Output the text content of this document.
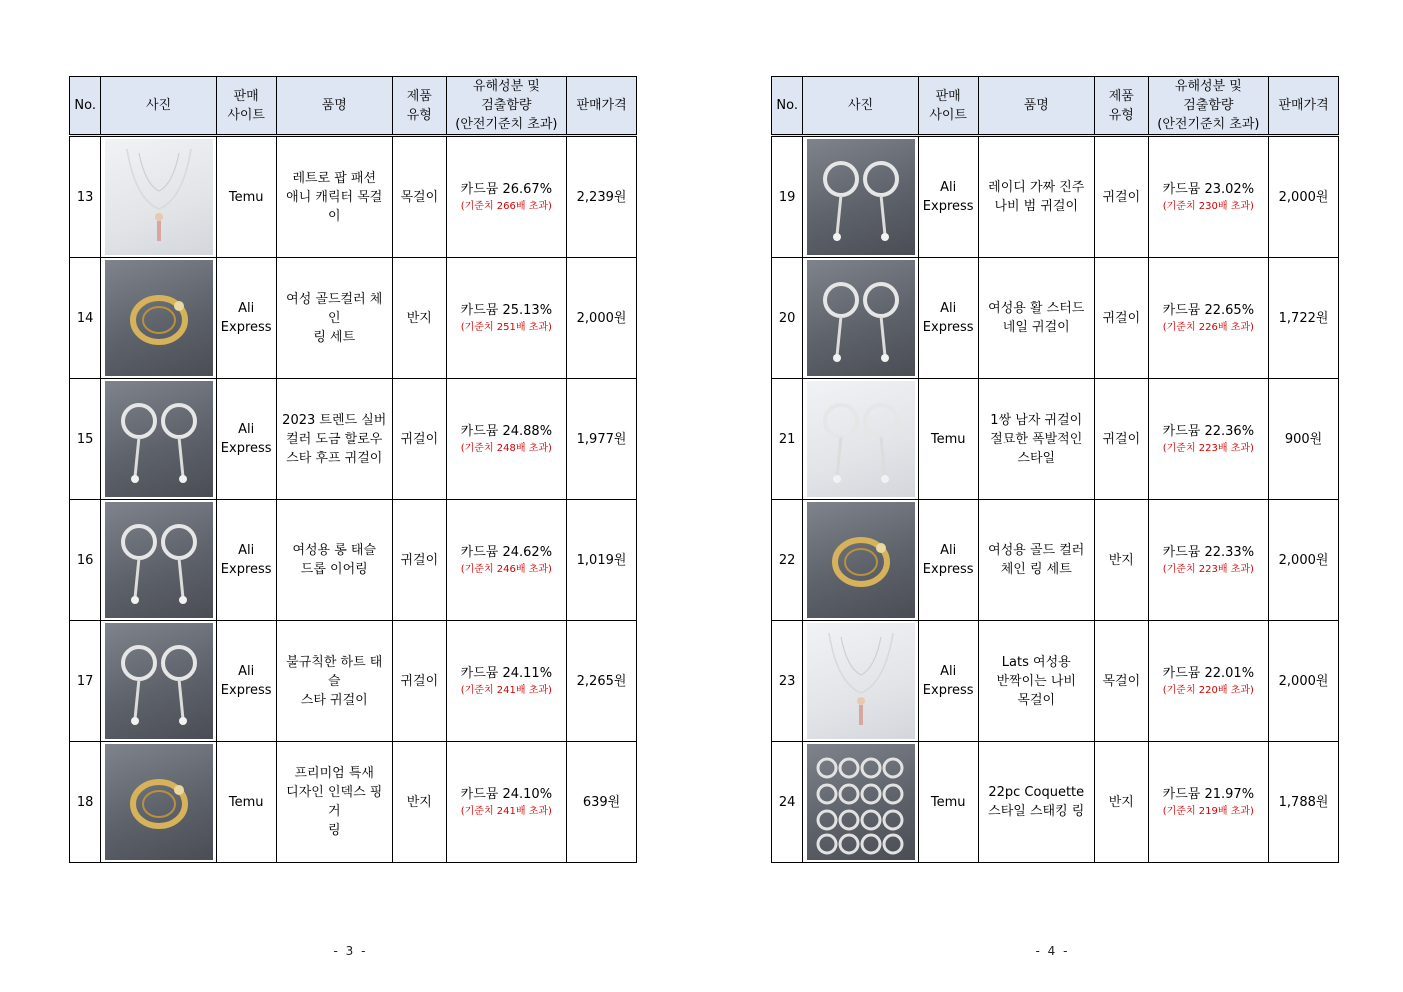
No.	사진	판매
사이트	품명	제품
유형	유해성분 및
검출함량
(안전기준치 초과)	판매가격
13		Temu	레트로 팝 패션
애니 캐릭터 목걸이	목걸이	카드뮴 26.67%
(기준치 266배 초과)	2,239원
14		Ali
Express	여성 골드컬러 체인
링 세트	반지	카드뮴 25.13%
(기준치 251배 초과)	2,000원
15		Ali
Express	2023 트렌드 실버
컬러 도금 할로우
스타 후프 귀걸이	귀걸이	카드뮴 24.88%
(기준치 248배 초과)	1,977원
16		Ali
Express	여성용 롱 태슬
드롭 이어링	귀걸이	카드뮴 24.62%
(기준치 246배 초과)	1,019원
17		Ali
Express	불규칙한 하트 태슬
스타 귀걸이	귀걸이	카드뮴 24.11%
(기준치 241배 초과)	2,265원
18		Temu	프리미엄 특새
디자인 인덱스 핑거
링	반지	카드뮴 24.10%
(기준치 241배 초과)	639원
- 3 -
No.	사진	판매
사이트	품명	제품
유형	유해성분 및
검출함량
(안전기준치 초과)	판매가격
19		Ali
Express	레이디 가짜 진주
나비 범 귀걸이	귀걸이	카드뮴 23.02%
(기준치 230배 초과)	2,000원
20		Ali
Express	여성용 활 스터드
네일 귀걸이	귀걸이	카드뮴 22.65%
(기준치 226배 초과)	1,722원
21		Temu	1쌍 남자 귀걸이
절묘한 폭발적인
스타일	귀걸이	카드뮴 22.36%
(기준치 223배 초과)	900원
22		Ali
Express	여성용 골드 컬러
체인 링 세트	반지	카드뮴 22.33%
(기준치 223배 초과)	2,000원
23		Ali
Express	Lats 여성용
반짝이는 나비
목걸이	목걸이	카드뮴 22.01%
(기준치 220배 초과)	2,000원
24		Temu	22pc Coquette
스타일 스태킹 링	반지	카드뮴 21.97%
(기준치 219배 초과)	1,788원
- 4 -
